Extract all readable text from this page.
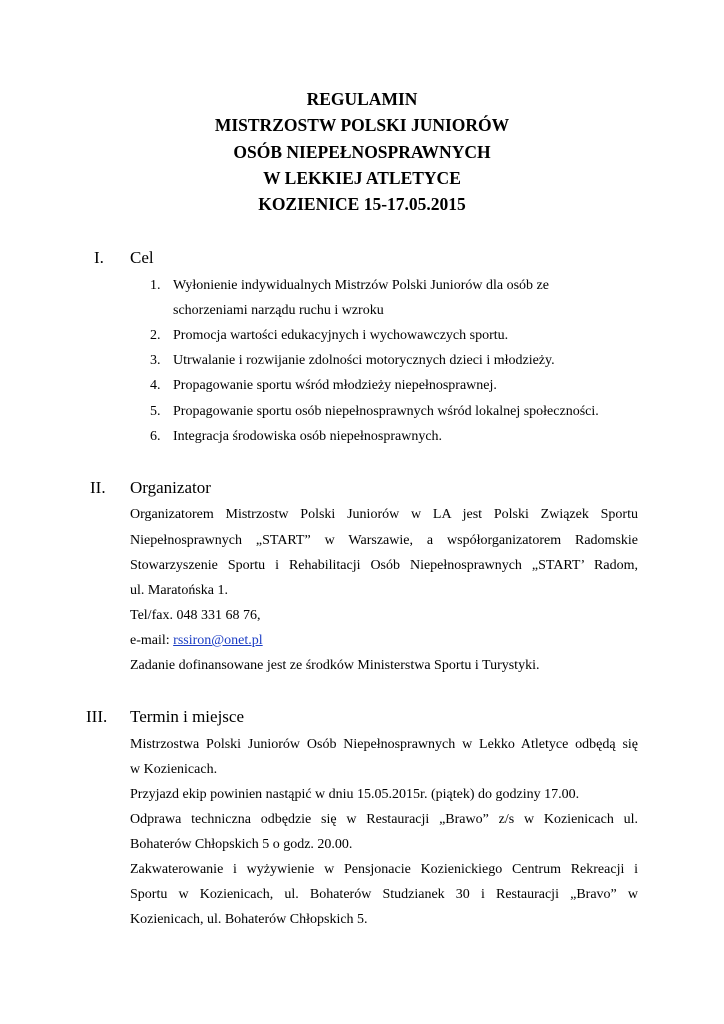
REGULAMIN
MISTRZOSTW POLSKI JUNIORÓW
OSÓB NIEPEŁNOSPRAWNYCH
W LEKKIEJ ATLETYCE
KOZIENICE 15-17.05.2015
I. Cel
1. Wyłonienie indywidualnych Mistrzów Polski Juniorów dla osób ze
schorzeniami narządu ruchu i wzroku
2. Promocja wartości edukacyjnych i wychowawczych sportu.
3. Utrwalanie i rozwijanie zdolności motorycznych dzieci i młodzieży.
4. Propagowanie sportu wśród młodzieży niepełnosprawnej.
5. Propagowanie sportu osób niepełnosprawnych wśród lokalnej społeczności.
6. Integracja środowiska osób niepełnosprawnych.
II. Organizator
Organizatorem Mistrzostw Polski Juniorów w LA jest Polski Związek Sportu
Niepełnosprawnych „START” w Warszawie, a współorganizatorem Radomskie
Stowarzyszenie Sportu i Rehabilitacji Osób Niepełnosprawnych „START’ Radom,
ul. Maratońska 1.
Tel/fax. 048 331 68 76,
e-mail: rssiron@onet.pl
Zadanie dofinansowane jest ze środków Ministerstwa Sportu i Turystyki.
III. Termin i miejsce
Mistrzostwa Polski Juniorów Osób Niepełnosprawnych w Lekko Atletyce odbędą się
w Kozienicach.
Przyjazd ekip powinien nastąpić w dniu 15.05.2015r. (piątek) do godziny 17.00.
Odprawa techniczna odbędzie się w Restauracji „Brawo” z/s w Kozienicach ul.
Bohaterów Chłopskich 5 o godz. 20.00.
Zakwaterowanie i wyżywienie w Pensjonacie Kozienickiego Centrum Rekreacji i
Sportu w Kozienicach, ul. Bohaterów Studzianek 30 i Restauracji „Bravo” w
Kozienicach, ul. Bohaterów Chłopskich 5.
